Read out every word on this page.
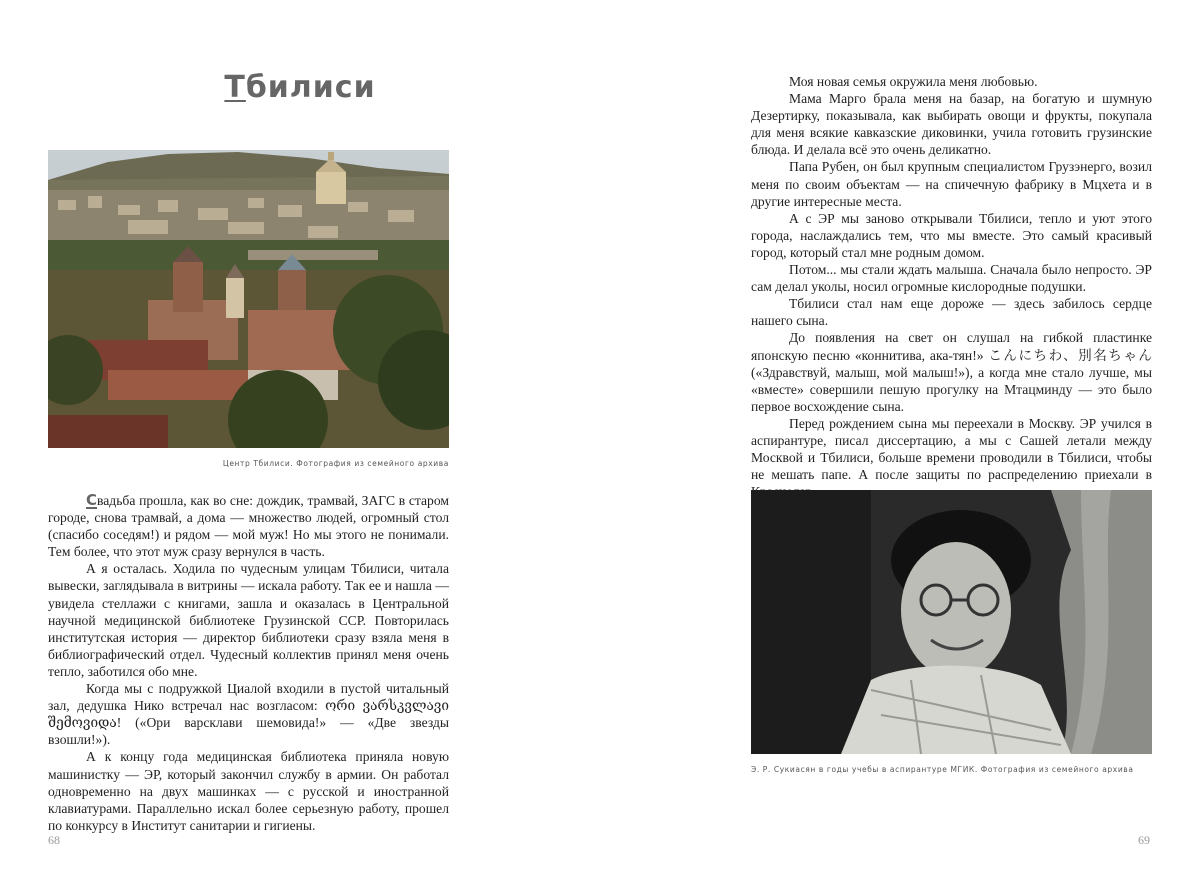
Тбилиси
Центр Тбилиси. Фотография из семейного архива

Свадьба прошла, как во сне: дождик, трамвай, ЗАГС в старом городе, снова трамвай, а дома — множество людей, огромный стол (спасибо соседям!) и рядом — мой муж! Но мы этого не понимали. Тем более, что этот муж сразу вернулся в часть.

А я осталась. Ходила по чудесным улицам Тбилиси, читала вывески, заглядывала в витрины — искала работу. Так ее и нашла — увидела стеллажи с книгами, зашла и оказалась в Центральной научной медицинской библиотеке Грузинской ССР. Повторилась институтская история — директор библиотеки сразу взяла меня в библиографический отдел. Чудесный коллектив принял меня очень тепло, заботился обо мне.

Когда мы с подружкой Циалой входили в пустой читальный зал, дедушка Нико встречал нас возгласом: ორი ვარსკვლავი შემოვიდა! («Ори варсклави шемовида!» — «Две звезды взошли!»).

А к концу года медицинская библиотека приняла новую машинистку — ЭР, который закончил службу в армии. Он работал одновременно на двух машинках — с русской и иностранной клавиатурами. Параллельно искал более серьезную работу, прошел по конкурсу в Институт санитарии и гигиены.

68

Моя новая семья окружила меня любовью.

Мама Марго брала меня на базар, на богатую и шумную Дезертирку, показывала, как выбирать овощи и фрукты, покупала для меня всякие кавказские диковинки, учила готовить грузинские блюда. И делала всё это очень деликатно.

Папа Рубен, он был крупным специалистом Грузэнерго, возил меня по своим объектам — на спичечную фабрику в Мцхета и в другие интересные места.

А с ЭР мы заново открывали Тбилиси, тепло и уют этого города, наслаждались тем, что мы вместе. Это самый красивый город, который стал мне родным домом.

Потом... мы стали ждать малыша. Сначала было непросто. ЭР сам делал уколы, носил огромные кислородные подушки.

Тбилиси стал нам еще дороже — здесь забилось сердце нашего сына.

До появления на свет он слушал на гибкой пластинке японскую песню «коннитива, ака-тян!» こんにちわ、別名ちゃん («Здравствуй, малыш, мой малыш!»), а когда мне стало лучше, мы «вместе» совершили пешую прогулку на Мтацминду — это было первое восхождение сына.

Перед рождением сына мы переехали в Москву. ЭР учился в аспирантуре, писал диссертацию, а мы с Сашей летали между Москвой и Тбилиси, больше времени проводили в Тбилиси, чтобы не мешать папе. А после защиты по распределению приехали в

Э. Р. Сукиасян в годы учебы в аспирантуре МГИК. Фотография из семейного архива
69
